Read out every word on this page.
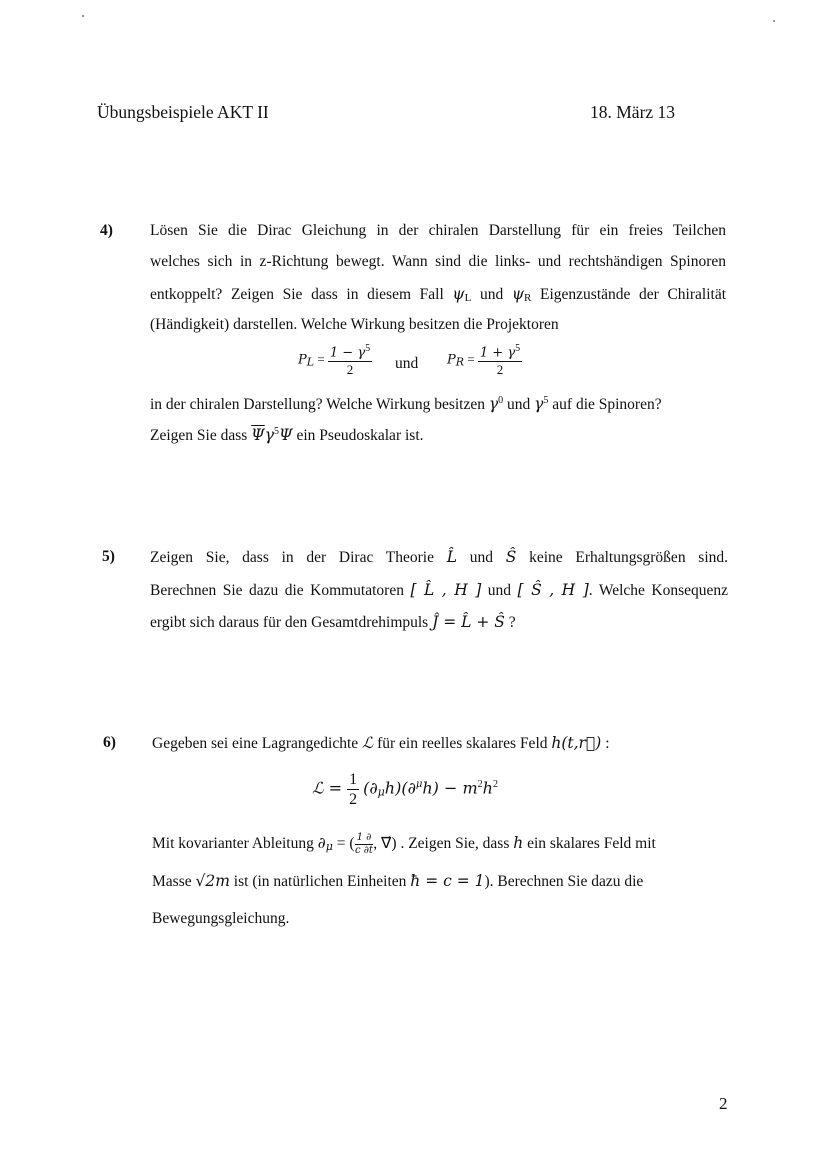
Übungsbeispiele AKT II	18. März 13
4) Lösen Sie die Dirac Gleichung in der chiralen Darstellung für ein freies Teilchen
welches sich in z-Richtung bewegt. Wann sind die links- und rechtshändigen Spinoren
entkoppelt? Zeigen Sie dass in diesem Fall ψL und ψR Eigenzustände der Chiralität
(Händigkeit) darstellen. Welche Wirkung besitzen die Projektoren
PL = $\frac{1 - \gamma^5}{2}$ und PR = $\frac{1 + \gamma^5}{2}$
in der chiralen Darstellung? Welche Wirkung besitzen $\gamma^0$ und $\gamma^5$ auf die Spinoren?
Zeigen Sie dass $\overline{\Psi}\gamma^5\Psi$ ein Pseudoskalar ist.
5) Zeigen Sie, dass in der Dirac Theorie L̂ und Ŝ keine Erhaltungsgrößen sind.
Berechnen Sie dazu die Kommutatoren [ L̂ , H ] und [ Ŝ , H ]. Welche Konsequenz
ergibt sich daraus für den Gesamtdrehimpuls Ĵ = L̂ + Ŝ ?
6) Gegeben sei eine Lagrangedichte ℒ für ein reelles skalares Feld h(t,r⃗) :
ℒ = $\frac{1}{2} (\partial\mu h)(\partial^\mu h) - m^2h^2$
Mit kovarianter Ableitung ∂μ = ( $\frac{1 \partial}{c \partial t}$ , ∇⃗) . Zeigen Sie, dass h ein skalares Feld mit
Masse √2m ist (in natürlichen Einheiten ħ = c = 1). Berechnen Sie dazu die
Bewegungsgleichung.
2
